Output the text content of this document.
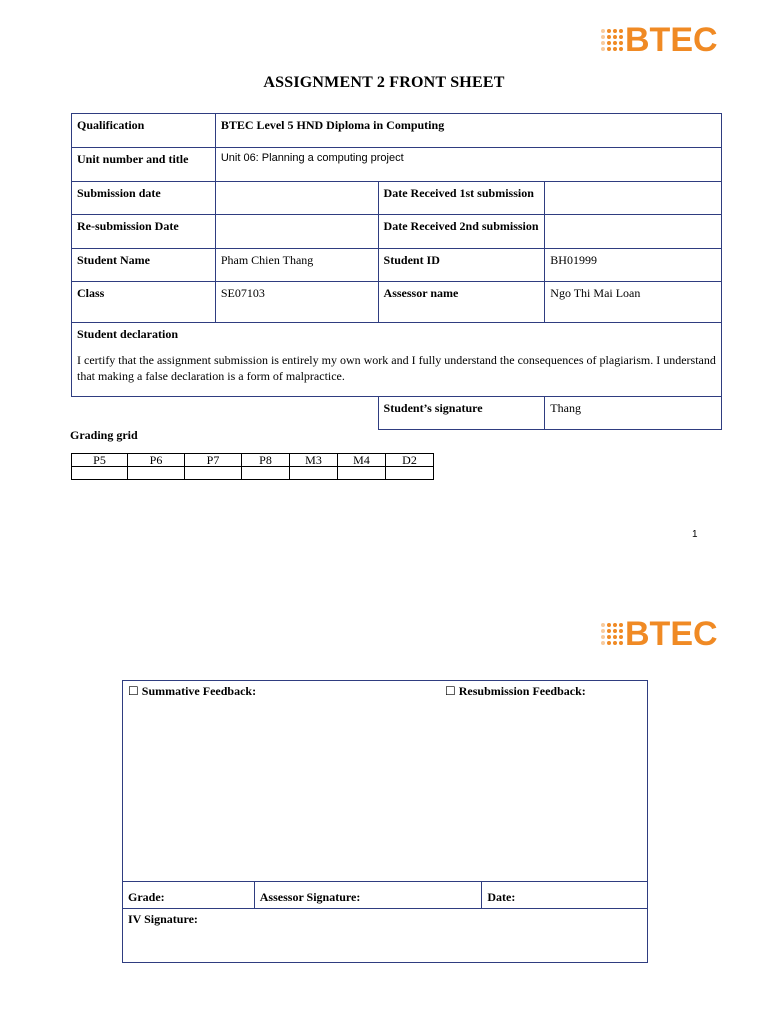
BTEC
ASSIGNMENT 2 FRONT SHEET
Qualification	BTEC Level 5 HND Diploma in Computing		
Unit number and title	Unit 06: Planning a computing project		
Submission date		Date Received 1st submission	
Re-submission Date		Date Received 2nd submission	
Student Name	Pham Chien Thang	Student ID	BH01999
Class	SE07103	Assessor name	Ngo Thi Mai Loan

Student declaration
I certify that the assignment submission is entirely my own work and I fully understand the consequences of plagiarism. I understand that making a false declaration is a form of malpractice.			

		Student’s signature	Thang
Grading grid
P5	P6	P7	P8	M3	M4	D2

1
BTEC
☐ Summative Feedback:	☐ Resubmission Feedback:

Grade:	Assessor Signature:	Date:
IV Signature:
